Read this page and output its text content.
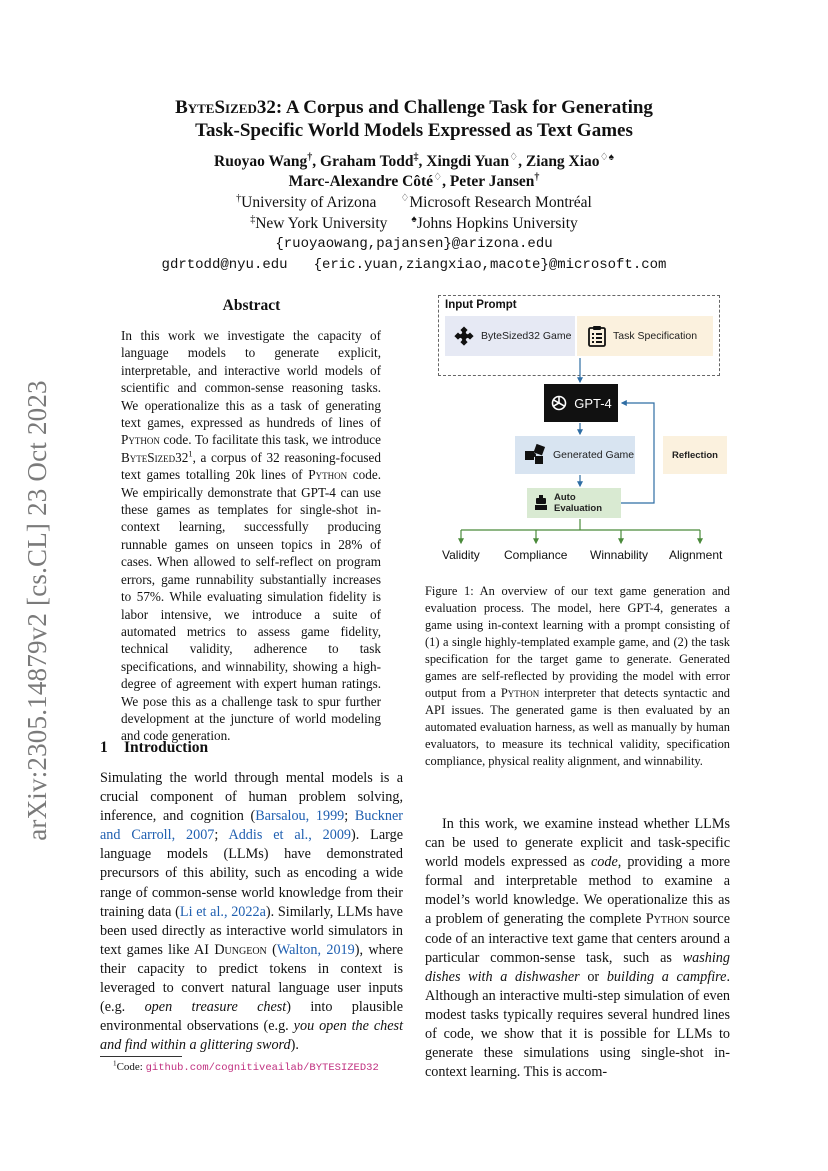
arXiv:2305.14879v2 [cs.CL] 23 Oct 2023
ByteSized32: A Corpus and Challenge Task for Generating
Task-Specific World Models Expressed as Text Games
Ruoyao Wang†, Graham Todd‡, Xingdi Yuan♢, Ziang Xiao♢♠
Marc-Alexandre Côté♢, Peter Jansen†
†University of Arizona ♢Microsoft Research Montréal
‡New York University ♠Johns Hopkins University
{ruoyaowang,pajansen}@arizona.edu
gdrtodd@nyu.edu {eric.yuan,ziangxiao,macote}@microsoft.com
Abstract
In this work we investigate the capacity of language models to generate explicit, interpretable, and interactive world models of scientific and common-sense reasoning tasks. We operationalize this as a task of generating text games, expressed as hundreds of lines of Python code. To facilitate this task, we introduce $ByteSized32^1$, a corpus of 32 reasoning-focused text games totalling 20k lines of Python code. We empirically demonstrate that GPT-4 can use these games as templates for single-shot in-context learning, successfully producing runnable games on unseen topics in 28% of cases. When allowed to self-reflect on program errors, game runnability substantially increases to 57%. While evaluating simulation fidelity is labor intensive, we introduce a suite of automated metrics to assess game fidelity, technical validity, adherence to task specifications, and winnability, showing a high-degree of agreement with expert human ratings. We pose this as a challenge task to spur further development at the juncture of world modeling and code generation.
1 Introduction
Simulating the world through mental models is a crucial component of human problem solving, inference, and cognition (Barsalou, 1999; Buckner and Carroll, 2007; Addis et al., 2009). Large language models (LLMs) have demonstrated precursors of this ability, such as encoding a wide range of common-sense world knowledge from their training data (Li et al., 2022a). Similarly, LLMs have been used directly as interactive world simulators in text games like AI Dungeon (Walton, 2019), where their capacity to predict tokens in context is leveraged to convert natural language user inputs (e.g. open treasure chest) into plausible environmental observations (e.g. you open the chest and find within a glittering sword).
$^1$Code: github.com/cognitiveailab/BYTESIZED32
Input Prompt
ByteSized32 Game	Task Specification
GPT-4
Generated Game	Reflection
Auto Evaluation
Validity Compliance Winnability Alignment
Figure 1: An overview of our text game generation and evaluation process. The model, here GPT-4, generates a game using in-context learning with a prompt consisting of (1) a single highly-templated example game, and (2) the task specification for the target game to generate. Generated games are self-reflected by providing the model with error output from a Python interpreter that detects syntactic and API issues. The generated game is then evaluated by an automated evaluation harness, as well as manually by human evaluators, to measure its technical validity, specification compliance, physical reality alignment, and winnability.
In this work, we examine instead whether LLMs can be used to generate explicit and task-specific world models expressed as code, providing a more formal and interpretable method to examine a model’s world knowledge. We operationalize this as a problem of generating the complete Python source code of an interactive text game that centers around a particular common-sense task, such as washing dishes with a dishwasher or building a campfire. Although an interactive multi-step simulation of even modest tasks typically requires several hundred lines of code, we show that it is possible for LLMs to generate these simulations using single-shot in-context learning. This is accom-
